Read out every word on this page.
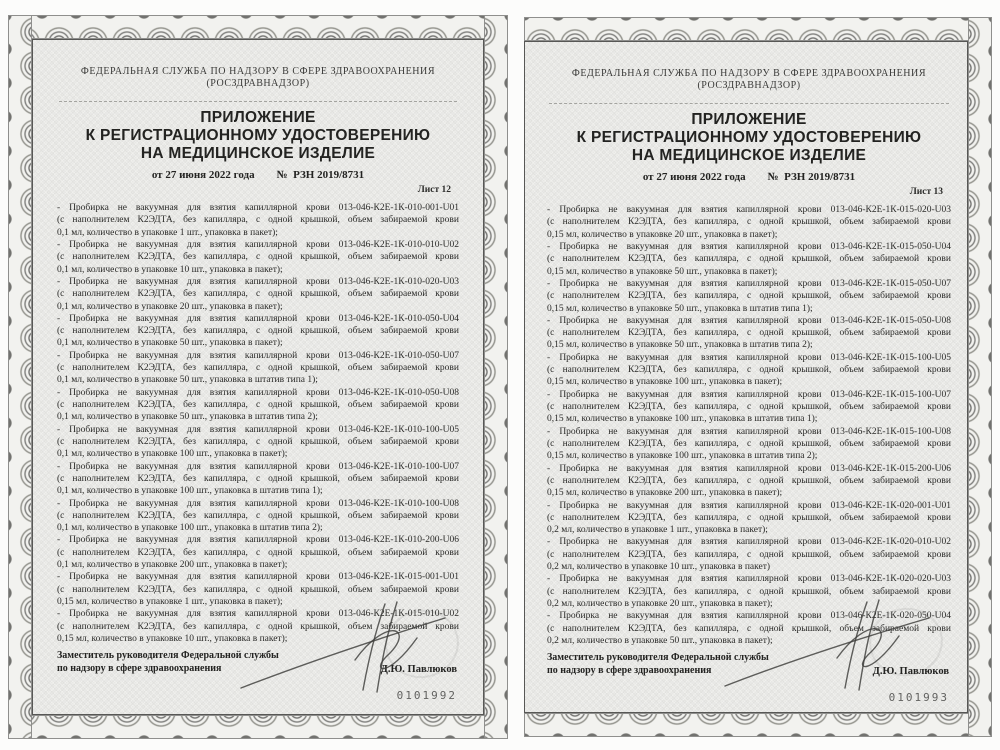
ФЕДЕРАЛЬНАЯ СЛУЖБА ПО НАДЗОРУ В СФЕРЕ ЗДРАВООХРАНЕНИЯ
(РОСЗДРАВНАДЗОР)
ПРИЛОЖЕНИЕ
К РЕГИСТРАЦИОННОМУ УДОСТОВЕРЕНИЮ
НА МЕДИЦИНСКОЕ ИЗДЕЛИЕ
от 27 июня 2022 года №  РЗН 2019/8731
Лист 12
- Пробирка не вакуумная для взятия капиллярной крови 013-046-К2Е-1К-010-001-U01
(с наполнителем К2ЭДТА, без капилляра, с одной крышкой, объем забираемой крови
0,1 мл, количество в упаковке 1 шт., упаковка в пакет);
- Пробирка не вакуумная для взятия капиллярной крови 013-046-К2Е-1К-010-010-U02
(с наполнителем К2ЭДТА, без капилляра, с одной крышкой, объем забираемой крови
0,1 мл, количество в упаковке 10 шт., упаковка в пакет);
- Пробирка не вакуумная для взятия капиллярной крови 013-046-К2Е-1К-010-020-U03
(с наполнителем К2ЭДТА, без капилляра, с одной крышкой, объем забираемой крови
0,1 мл, количество в упаковке 20 шт., упаковка в пакет);
- Пробирка не вакуумная для взятия капиллярной крови 013-046-К2Е-1К-010-050-U04
(с наполнителем К2ЭДТА, без капилляра, с одной крышкой, объем забираемой крови
0,1 мл, количество в упаковке 50 шт., упаковка в пакет);
- Пробирка не вакуумная для взятия капиллярной крови 013-046-К2Е-1К-010-050-U07
(с наполнителем К2ЭДТА, без капилляра, с одной крышкой, объем забираемой крови
0,1 мл, количество в упаковке 50 шт., упаковка в штатив типа 1);
- Пробирка не вакуумная для взятия капиллярной крови 013-046-К2Е-1К-010-050-U08
(с наполнителем К2ЭДТА, без капилляра, с одной крышкой, объем забираемой крови
0,1 мл, количество в упаковке 50 шт., упаковка в штатив типа 2);
- Пробирка не вакуумная для взятия капиллярной крови 013-046-К2Е-1К-010-100-U05
(с наполнителем К2ЭДТА, без капилляра, с одной крышкой, объем забираемой крови
0,1 мл, количество в упаковке 100 шт., упаковка в пакет);
- Пробирка не вакуумная для взятия капиллярной крови 013-046-К2Е-1К-010-100-U07
(с наполнителем К2ЭДТА, без капилляра, с одной крышкой, объем забираемой крови
0,1 мл, количество в упаковке 100 шт., упаковка в штатив типа 1);
- Пробирка не вакуумная для взятия капиллярной крови 013-046-К2Е-1К-010-100-U08
(с наполнителем К2ЭДТА, без капилляра, с одной крышкой, объем забираемой крови
0,1 мл, количество в упаковке 100 шт., упаковка в штатив типа 2);
- Пробирка не вакуумная для взятия капиллярной крови 013-046-К2Е-1К-010-200-U06
(с наполнителем К2ЭДТА, без капилляра, с одной крышкой, объем забираемой крови
0,1 мл, количество в упаковке 200 шт., упаковка в пакет);
- Пробирка не вакуумная для взятия капиллярной крови 013-046-К2Е-1К-015-001-U01
(с наполнителем К2ЭДТА, без капилляра, с одной крышкой, объем забираемой крови
0,15 мл, количество в упаковке 1 шт., упаковка в пакет);
- Пробирка не вакуумная для взятия капиллярной крови 013-046-К2Е-1К-015-010-U02
(с наполнителем К2ЭДТА, без капилляра, с одной крышкой, объем забираемой крови
0,15 мл, количество в упаковке 10 шт., упаковка в пакет);
Заместитель руководителя Федеральной службы
по надзору в сфере здравоохранения	Д.Ю. Павлюков
0101992
ФЕДЕРАЛЬНАЯ СЛУЖБА ПО НАДЗОРУ В СФЕРЕ ЗДРАВООХРАНЕНИЯ
(РОСЗДРАВНАДЗОР)
ПРИЛОЖЕНИЕ
К РЕГИСТРАЦИОННОМУ УДОСТОВЕРЕНИЮ
НА МЕДИЦИНСКОЕ ИЗДЕЛИЕ
от 27 июня 2022 года №  РЗН 2019/8731
Лист 13
- Пробирка не вакуумная для взятия капиллярной крови 013-046-К2Е-1К-015-020-U03
(с наполнителем К2ЭДТА, без капилляра, с одной крышкой, объем забираемой крови
0,15 мл, количество в упаковке 20 шт., упаковка в пакет);
- Пробирка не вакуумная для взятия капиллярной крови 013-046-К2Е-1К-015-050-U04
(с наполнителем К2ЭДТА, без капилляра, с одной крышкой, объем забираемой крови
0,15 мл, количество в упаковке 50 шт., упаковка в пакет);
- Пробирка не вакуумная для взятия капиллярной крови 013-046-К2Е-1К-015-050-U07
(с наполнителем К2ЭДТА, без капилляра, с одной крышкой, объем забираемой крови
0,15 мл, количество в упаковке 50 шт., упаковка в штатив типа 1);
- Пробирка не вакуумная для взятия капиллярной крови 013-046-К2Е-1К-015-050-U08
(с наполнителем К2ЭДТА, без капилляра, с одной крышкой, объем забираемой крови
0,15 мл, количество в упаковке 50 шт., упаковка в штатив типа 2);
- Пробирка не вакуумная для взятия капиллярной крови 013-046-К2Е-1К-015-100-U05
(с наполнителем К2ЭДТА, без капилляра, с одной крышкой, объем забираемой крови
0,15 мл, количество в упаковке 100 шт., упаковка в пакет);
- Пробирка не вакуумная для взятия капиллярной крови 013-046-К2Е-1К-015-100-U07
(с наполнителем К2ЭДТА, без капилляра, с одной крышкой, объем забираемой крови
0,15 мл, количество в упаковке 100 шт., упаковка в штатив типа 1);
- Пробирка не вакуумная для взятия капиллярной крови 013-046-К2Е-1К-015-100-U08
(с наполнителем К2ЭДТА, без капилляра, с одной крышкой, объем забираемой крови
0,15 мл, количество в упаковке 100 шт., упаковка в штатив типа 2);
- Пробирка не вакуумная для взятия капиллярной крови 013-046-К2Е-1К-015-200-U06
(с наполнителем К2ЭДТА, без капилляра, с одной крышкой, объем забираемой крови
0,15 мл, количество в упаковке 200 шт., упаковка в пакет);
- Пробирка не вакуумная для взятия капиллярной крови 013-046-К2Е-1К-020-001-U01
(с наполнителем К2ЭДТА, без капилляра, с одной крышкой, объем забираемой крови
0,2 мл, количество в упаковке 1 шт., упаковка в пакет);
- Пробирка не вакуумная для взятия капиллярной крови 013-046-К2Е-1К-020-010-U02
(с наполнителем К2ЭДТА, без капилляра, с одной крышкой, объем забираемой крови
0,2 мл, количество в упаковке 10 шт., упаковка в пакет)
- Пробирка не вакуумная для взятия капиллярной крови 013-046-К2Е-1К-020-020-U03
(с наполнителем К2ЭДТА, без капилляра, с одной крышкой, объем забираемой крови
0,2 мл, количество в упаковке 20 шт., упаковка в пакет);
- Пробирка не вакуумная для взятия капиллярной крови 013-046-К2Е-1К-020-050-U04
(с наполнителем К2ЭДТА, без капилляра, с одной крышкой, объем забираемой крови
0,2 мл, количество в упаковке 50 шт., упаковка в пакет);
Заместитель руководителя Федеральной службы
по надзору в сфере здравоохранения	Д.Ю. Павлюков
0101993
